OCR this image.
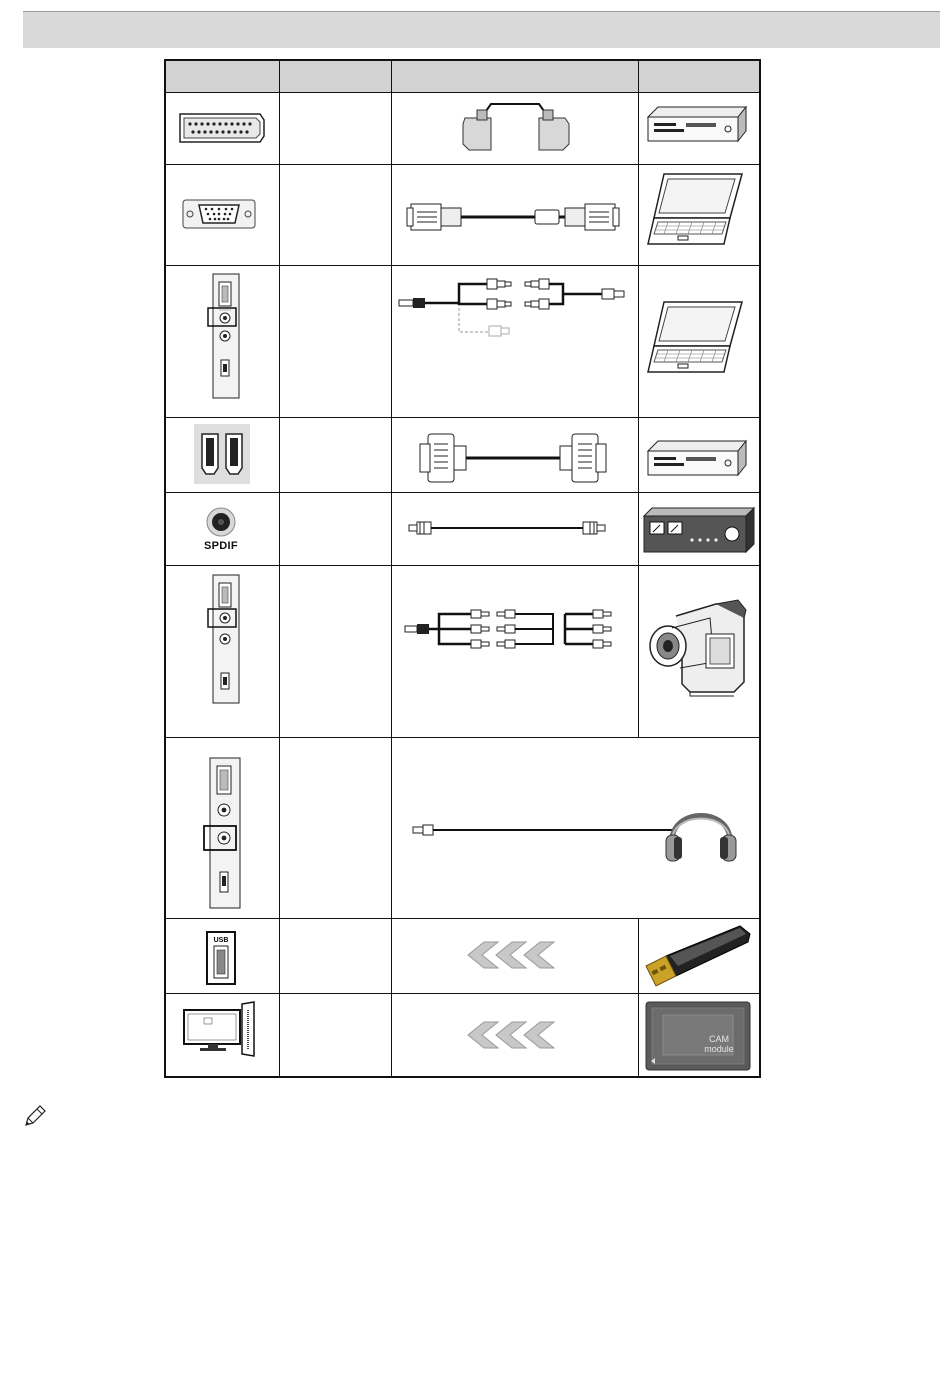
SPDIF
USB
CAM
module
